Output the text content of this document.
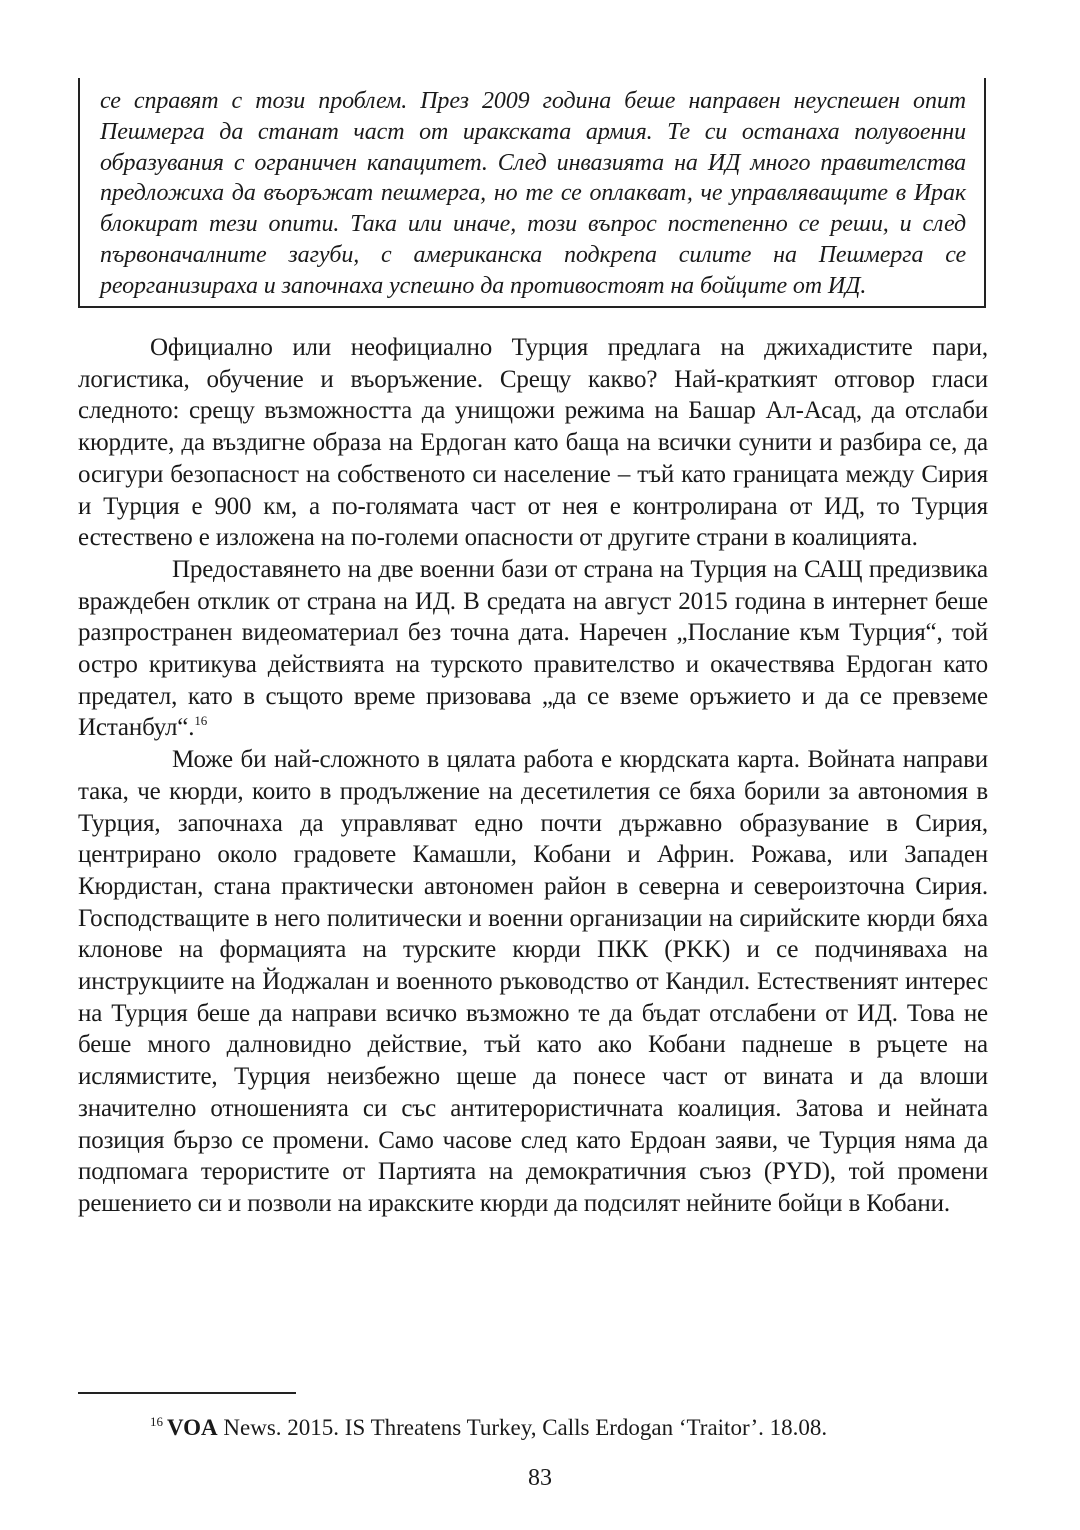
се справят с този проблем. През 2009 година беше направен неуспешен опит Пешмерга да станат част от иракската армия. Те си останаха полувоенни образувания с ограничен капацитет. След инвазията на ИД много правителства предложиха да въоръжат пешмерга, но те се оплакват, че управляващите в Ирак блокират тези опити. Така или иначе, този въпрос постепенно се реши, и след първоначалните загуби, с американска подкрепа силите на Пешмерга се реорганизираха и започнаха успешно да противостоят на бойците от ИД.

Официално или неофициално Турция предлага на джихадистите пари, логистика, обучение и въоръжение. Срещу какво? Най-краткият отговор гласи следното: срещу възможността да унищожи режима на Башар Ал-Асад, да отслаби кюрдите, да въздигне образа на Ердоган като баща на всички сунити и разбира се, да осигури безопасност на собственото си население – тъй като границата между Сирия и Турция е 900 км, а по-голямата част от нея е контролирана от ИД, то Турция естествено е изложена на по-големи опасности от другите страни в коалицията.

Предоставянето на две военни бази от страна на Турция на САЩ предизвика враждебен отклик от страна на ИД. В средата на август 2015 година в интернет беше разпространен видеоматериал без точна дата. Наречен „Послание към Турция“, той остро критикува действията на турското правителство и окачествява Ердоган като предател, като в същото време призовава „да се вземе оръжието и да се превземе Истанбул“.$^{16}$

Може би най-сложното в цялата работа е кюрдската карта. Войната направи така, че кюрди, които в продължение на десетилетия се бяха борили за автономия в Турция, започнаха да управляват едно почти държавно образувание в Сирия, центрирано около градовете Камашли, Кобани и Африн. Рожава, или Западен Кюрдистан, стана практически автономен район в северна и североизточна Сирия. Господстващите в него политически и военни организации на сирийските кюрди бяха клонове на формацията на турските кюрди ПКК (PKK) и се подчиняваха на инструкциите на Йоджалан и военното ръководство от Кандил. Естественият интерес на Турция беше да направи всичко възможно те да бъдат отслабени от ИД. Това не беше много далновидно действие, тъй като ако Кобани паднеше в ръцете на ислямистите, Турция неизбежно щеше да понесе част от вината и да влоши значително отношенията си със антитерористичната коалиция. Затова и нейната позиция бързо се промени. Само часове след като Ердоан заяви, че Турция няма да подпомага терористите от Партията на демократичния съюз (PYD), той промени решението си и позволи на иракските кюрди да подсилят нейните бойци в Кобани.

$^{16}$ VOA News. 2015. IS Threatens Turkey, Calls Erdogan ‘Traitor’. 18.08.
83
